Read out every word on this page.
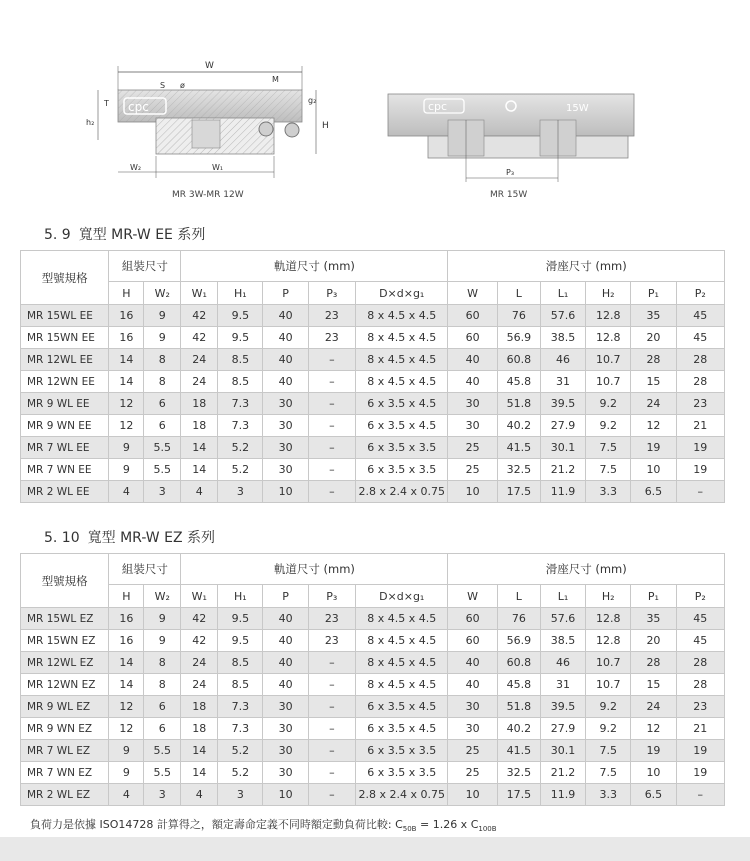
cpc
W
S ø
M
T
h₂
g₂
H
W₂	W₁
P₃
cpc	15W
MR 3W-MR 12W	MR 15W
5. 9 寬型 MR-W EE 系列
型號規格	組裝尺寸		軌道尺寸 (mm)					滑座尺寸 (mm)					
	H	W₂	W₁	H₁	P	P₃	D×d×g₁	W	L	L₁	H₂	P₁	P₂
MR 15WL EE	16	9	42	9.5	40	23	8 x 4.5 x 4.5	60	76	57.6	12.8	35	45
MR 15WN EE	16	9	42	9.5	40	23	8 x 4.5 x 4.5	60	56.9	38.5	12.8	20	45
MR 12WL EE	14	8	24	8.5	40	–	8 x 4.5 x 4.5	40	60.8	46	10.7	28	28
MR 12WN EE	14	8	24	8.5	40	–	8 x 4.5 x 4.5	40	45.8	31	10.7	15	28
MR 9 WL EE	12	6	18	7.3	30	–	6 x 3.5 x 4.5	30	51.8	39.5	9.2	24	23
MR 9 WN EE	12	6	18	7.3	30	–	6 x 3.5 x 4.5	30	40.2	27.9	9.2	12	21
MR 7 WL EE	9	5.5	14	5.2	30	–	6 x 3.5 x 3.5	25	41.5	30.1	7.5	19	19
MR 7 WN EE	9	5.5	14	5.2	30	–	6 x 3.5 x 3.5	25	32.5	21.2	7.5	10	19
MR 2 WL EE	4	3	4	3	10	–	2.8 x 2.4 x 0.75	10	17.5	11.9	3.3	6.5	–
5. 10 寬型 MR-W EZ 系列
型號規格	組裝尺寸		軌道尺寸 (mm)					滑座尺寸 (mm)					
	H	W₂	W₁	H₁	P	P₃	D×d×g₁	W	L	L₁	H₂	P₁	P₂
MR 15WL EZ	16	9	42	9.5	40	23	8 x 4.5 x 4.5	60	76	57.6	12.8	35	45
MR 15WN EZ	16	9	42	9.5	40	23	8 x 4.5 x 4.5	60	56.9	38.5	12.8	20	45
MR 12WL EZ	14	8	24	8.5	40	–	8 x 4.5 x 4.5	40	60.8	46	10.7	28	28
MR 12WN EZ	14	8	24	8.5	40	–	8 x 4.5 x 4.5	40	45.8	31	10.7	15	28
MR 9 WL EZ	12	6	18	7.3	30	–	6 x 3.5 x 4.5	30	51.8	39.5	9.2	24	23
MR 9 WN EZ	12	6	18	7.3	30	–	6 x 3.5 x 4.5	30	40.2	27.9	9.2	12	21
MR 7 WL EZ	9	5.5	14	5.2	30	–	6 x 3.5 x 3.5	25	41.5	30.1	7.5	19	19
MR 7 WN EZ	9	5.5	14	5.2	30	–	6 x 3.5 x 3.5	25	32.5	21.2	7.5	10	19
MR 2 WL EZ	4	3	4	3	10	–	2.8 x 2.4 x 0.75	10	17.5	11.9	3.3	6.5	–
負荷力是依據 ISO14728 計算得之，額定壽命定義不同時額定動負荷比較: $C_{50B} = 1.26$ x $C_{100B}$
